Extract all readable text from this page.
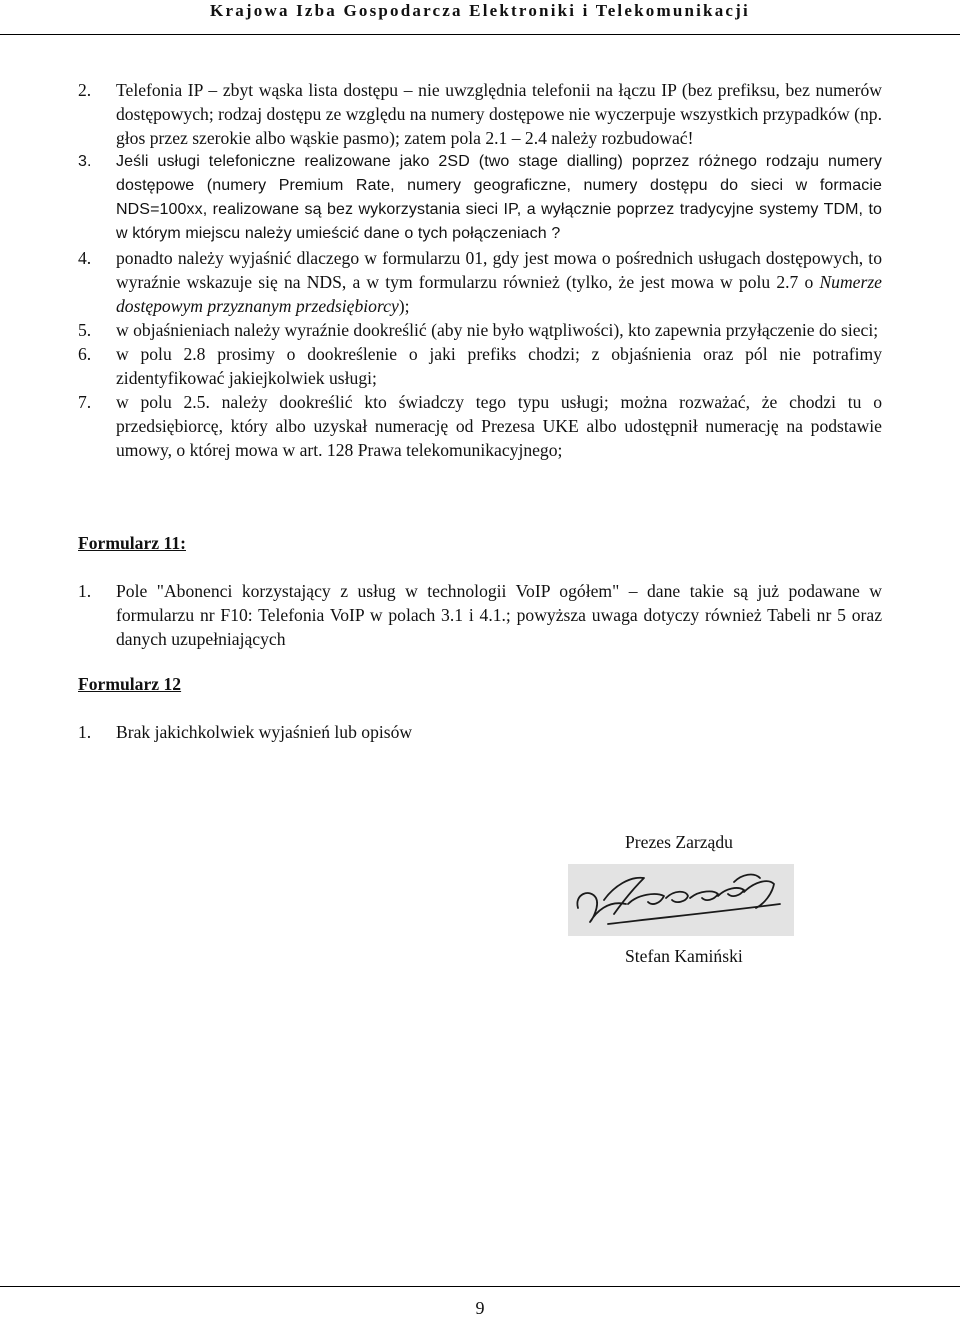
Krajowa Izba Gospodarcza Elektroniki i Telekomunikacji
2. Telefonia IP – zbyt wąska lista dostępu – nie uwzględnia telefonii na łączu IP (bez prefiksu, bez numerów dostępowych; rodzaj dostępu ze względu na numery dostępowe nie wyczerpuje wszystkich przypadków (np. głos przez szerokie albo wąskie pasmo); zatem pola 2.1 – 2.4 należy rozbudować!
3. Jeśli usługi telefoniczne realizowane jako 2SD (two stage dialling) poprzez różnego rodzaju numery dostępowe (numery Premium Rate, numery geograficzne, numery dostępu do sieci w formacie NDS=100xx, realizowane są bez wykorzystania sieci IP, a wyłącznie poprzez tradycyjne systemy TDM, to w którym miejscu należy umieścić dane o tych połączeniach ?
4. ponadto należy wyjaśnić dlaczego w formularzu 01, gdy jest mowa o pośrednich usługach dostępowych, to wyraźnie wskazuje się na NDS, a w tym formularzu również (tylko, że jest mowa w polu 2.7 o Numerze dostępowym przyznanym przedsiębiorcy);
5. w objaśnieniach należy wyraźnie dookreślić (aby nie było wątpliwości), kto zapewnia przyłączenie do sieci;
6. w polu 2.8 prosimy o dookreślenie o jaki prefiks chodzi; z objaśnienia oraz pól nie potrafimy zidentyfikować jakiejkolwiek usługi;
7. w polu 2.5. należy dookreślić kto świadczy tego typu usługi; można rozważać, że chodzi tu o przedsiębiorcę, który albo uzyskał numerację od Prezesa UKE albo udostępnił numerację na podstawie umowy, o której mowa w art. 128 Prawa telekomunikacyjnego;
Formularz 11:
1. Pole "Abonenci korzystający z usług w technologii VoIP ogółem" – dane takie są już podawane w formularzu nr F10: Telefonia VoIP w polach 3.1 i 4.1.; powyższa uwaga dotyczy również Tabeli nr 5 oraz danych uzupełniających
Formularz 12
1. Brak jakichkolwiek wyjaśnień lub opisów
Prezes Zarządu
Stefan Kamiński
9
